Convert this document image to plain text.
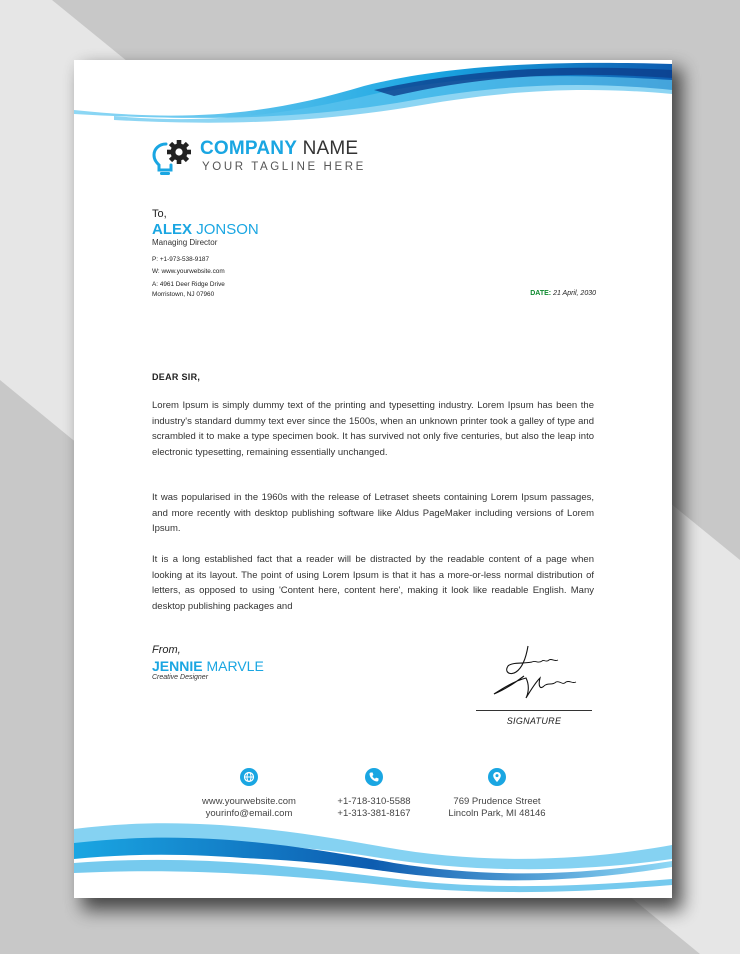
COMPANY NAME
YOUR TAGLINE HERE
To,
ALEX JONSON
Managing Director
P: +1-973-538-9187
W: www.yourwebsite.com
A: 4961 Deer Ridge Drive
Morristown, NJ 07960	DATE: 21 April, 2030
DEAR SIR,

Lorem Ipsum is simply dummy text of the printing and typesetting industry. Lorem Ipsum has been the industry's standard dummy text ever since the 1500s, when an unknown printer took a galley of type and scrambled it to make a type specimen book. It has survived not only five centuries, but also the leap into electronic typesetting, remaining essentially unchanged.

It was popularised in the 1960s with the release of Letraset sheets containing Lorem Ipsum passages, and more recently with desktop publishing software like Aldus PageMaker including versions of Lorem Ipsum.

It is a long established fact that a reader will be distracted by the readable content of a page when looking at its layout. The point of using Lorem Ipsum is that it has a more-or-less normal distribution of letters, as opposed to using 'Content here, content here', making it look like readable English. Many desktop publishing packages and

From,
JENNIE MARVLE
Creative Designer
SIGNATURE
www.yourwebsite.com
yourinfo@email.com
+1-718-310-5588
+1-313-381-8167
769 Prudence Street
Lincoln Park, MI 48146
